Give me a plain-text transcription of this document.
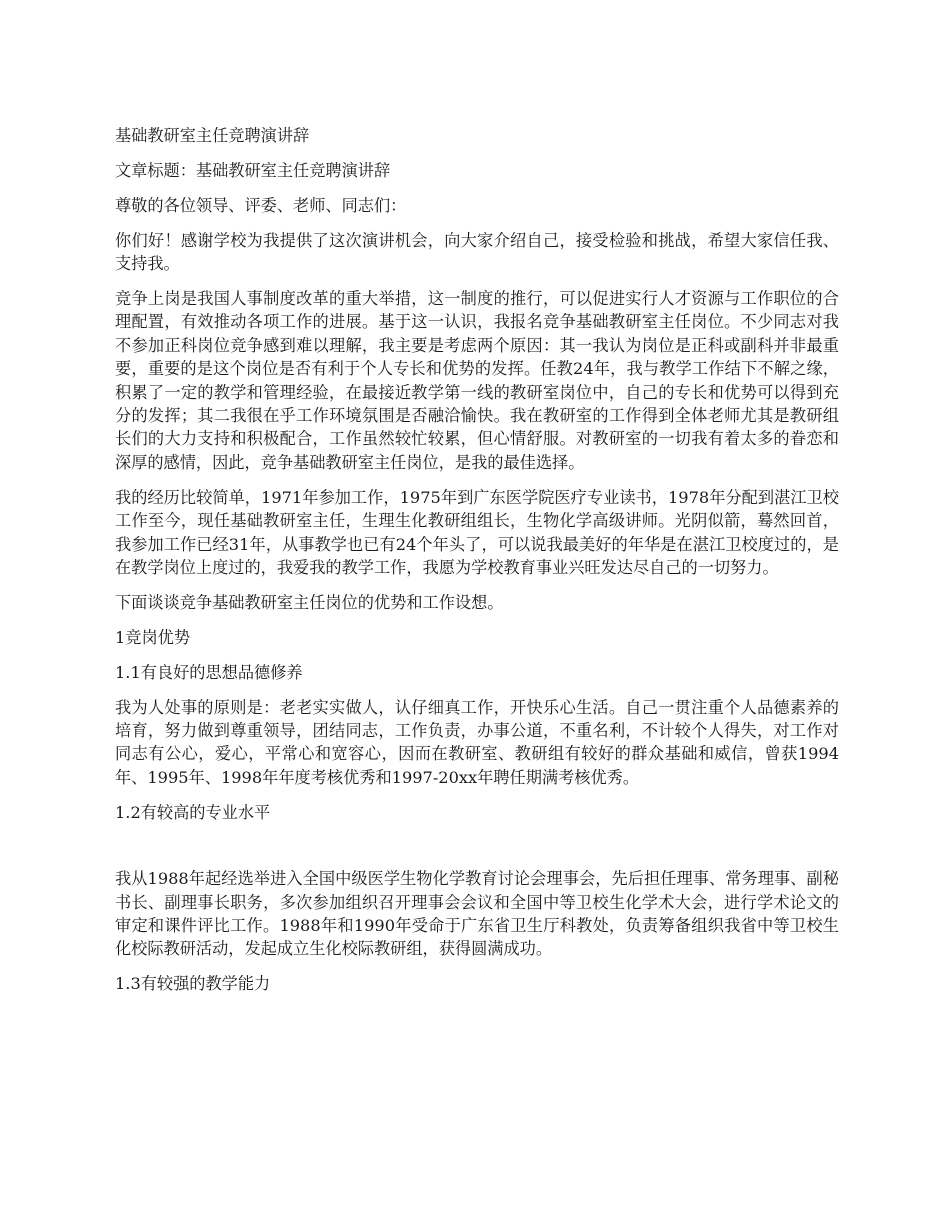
基础教研室主任竞聘演讲辞

文章标题：基础教研室主任竞聘演讲辞

尊敬的各位领导、评委、老师、同志们：

你们好！感谢学校为我提供了这次演讲机会，向大家介绍自己，接受检验和挑战，希望大家信任我、支持我。

竞争上岗是我国人事制度改革的重大举措，这一制度的推行，可以促进实行人才资源与工作职位的合理配置，有效推动各项工作的进展。基于这一认识，我报名竞争基础教研室主任岗位。不少同志对我不参加正科岗位竞争感到难以理解，我主要是考虑两个原因：其一我认为岗位是正科或副科并非最重要，重要的是这个岗位是否有利于个人专长和优势的发挥。任教24年，我与教学工作结下不解之缘，积累了一定的教学和管理经验，在最接近教学第一线的教研室岗位中，自己的专长和优势可以得到充分的发挥；其二我很在乎工作环境氛围是否融洽愉快。我在教研室的工作得到全体老师尤其是教研组长们的大力支持和积极配合，工作虽然较忙较累，但心情舒服。对教研室的一切我有着太多的眷恋和深厚的感情，因此，竞争基础教研室主任岗位，是我的最佳选择。

我的经历比较简单，1971年参加工作，1975年到广东医学院医疗专业读书，1978年分配到湛江卫校工作至今，现任基础教研室主任，生理生化教研组组长，生物化学高级讲师。光阴似箭，蓦然回首，我参加工作已经31年，从事教学也已有24个年头了，可以说我最美好的年华是在湛江卫校度过的，是在教学岗位上度过的，我爱我的教学工作，我愿为学校教育事业兴旺发达尽自己的一切努力。

下面谈谈竞争基础教研室主任岗位的优势和工作设想。

1竞岗优势

1.1有良好的思想品德修养

我为人处事的原则是：老老实实做人，认仔细真工作，开快乐心生活。自己一贯注重个人品德素养的培育，努力做到尊重领导，团结同志，工作负责，办事公道，不重名利，不计较个人得失，对工作对同志有公心，爱心，平常心和宽容心，因而在教研室、教研组有较好的群众基础和威信，曾获1994年、1995年、1998年年度考核优秀和1997-20xx年聘任期满考核优秀。

1.2有较高的专业水平

我从1988年起经选举进入全国中级医学生物化学教育讨论会理事会，先后担任理事、常务理事、副秘书长、副理事长职务，多次参加组织召开理事会会议和全国中等卫校生化学术大会，进行学术论文的审定和课件评比工作。1988年和1990年受命于广东省卫生厅科教处，负责筹备组织我省中等卫校生化校际教研活动，发起成立生化校际教研组，获得圆满成功。

1.3有较强的教学能力
